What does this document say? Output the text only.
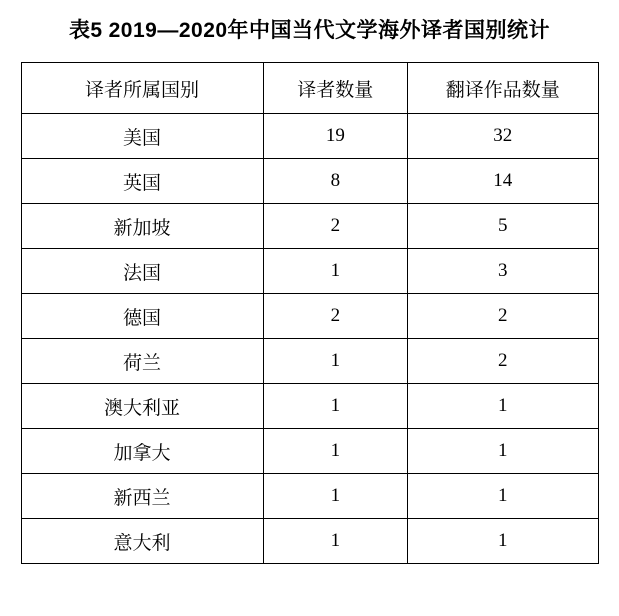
表5 2019—2020年中国当代文学海外译者国别统计
译者所属国别	译者数量	翻译作品数量
美国	19	32
英国	8	14
新加坡	2	5
法国	1	3
德国	2	2
荷兰	1	2
澳大利亚	1	1
加拿大	1	1
新西兰	1	1
意大利	1	1
